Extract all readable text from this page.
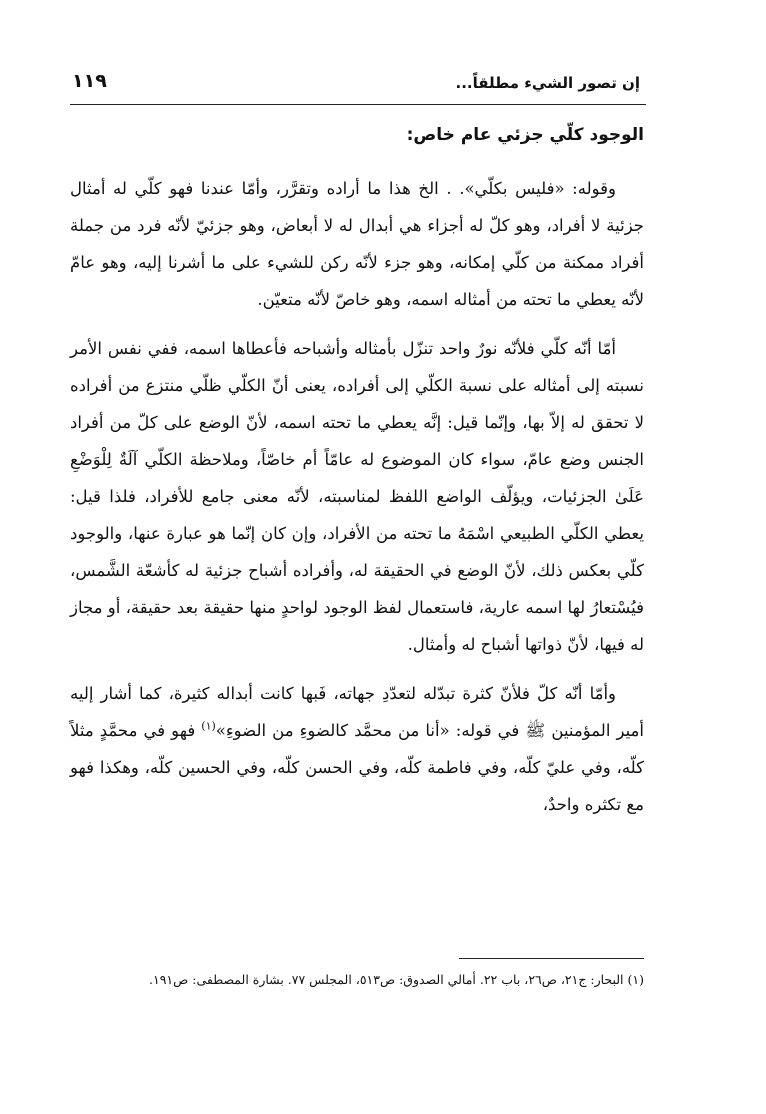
إن تصور الشيء مطلقاً...
١١٩
الوجود كلّي جزئي عام خاص:

وقوله: «فليس بكلّي». . الخ هذا ما أراده وتقرَّر، وأمّا عندنا فهو كلّي له أمثال جزئية لا أفراد، وهو كلّ له أجزاء هي أبدال له لا أبعاض، وهو جزئيّ لأنّه فرد من جملة أفراد ممكنة من كلّي إمكانه، وهو جزء لأنّه ركن للشيء على ما أشرنا إليه، وهو عامّ لأنّه يعطي ما تحته من أمثاله اسمه، وهو خاصّ لأنّه متعيّن.

أمّا أنّه كلّي فلأنّه نورٌ واحد تنزّل بأمثاله وأشباحه فأعطاها اسمه، ففي نفس الأمر نسبته إلى أمثاله على نسبة الكلّي إلى أفراده، يعنى أنّ الكلّي ظلّي منتزع من أفراده لا تحقق له إلاّ بها، وإنّما قيل: إنَّه يعطي ما تحته اسمه، لأنّ الوضع على كلّ من أفراد الجنس وضع عامّ، سواء كان الموضوع له عامّاً أم خاصّاً، وملاحظة الكلّي آلَةٌ لِلْوَضْعِ عَلَىٰ الجزئيات، ويؤلّف الواضع اللفظ لمناسبته، لأنّه معنى جامع للأفراد، فلذا قيل: يعطي الكلّي الطبيعي اسْمَهُ ما تحته من الأفراد، وإن كان إنّما هو عبارة عنها، والوجود كلّي بعكس ذلك، لأنّ الوضع في الحقيقة له، وأفراده أشباح جزئية له كأشعّة الشَّمس، فيُسْتعارُ لها اسمه عارية، فاستعمال لفظ الوجود لواحدٍ منها حقيقة بعد حقيقة، أو مجاز له فيها، لأنّ ذواتها أشباح له وأمثال.

وأمّا أنّه كلّ فلأنّ كثرة تبدّله لتعدّدِ جهاته، فَبها كانت أبداله كثيرة، كما أشار إليه أمير المؤمنين ﷺ في قوله: «أنا من محمَّد كالضوءِ من الضوءِ»$^{(١)}$ فهو في محمَّدٍ مثلاً كلّه، وفي عليّ كلّه، وفي فاطمة كلّه، وفي الحسن كلّه، وفي الحسين كلّه، وهكذا فهو مع تكثره واحدٌ،

(١) البحار: ج٢١، ص٢٦، باب ٢٢. أمالي الصدوق: ص٥١٣، المجلس ٧٧. بشارة المصطفى: ص١٩١.
